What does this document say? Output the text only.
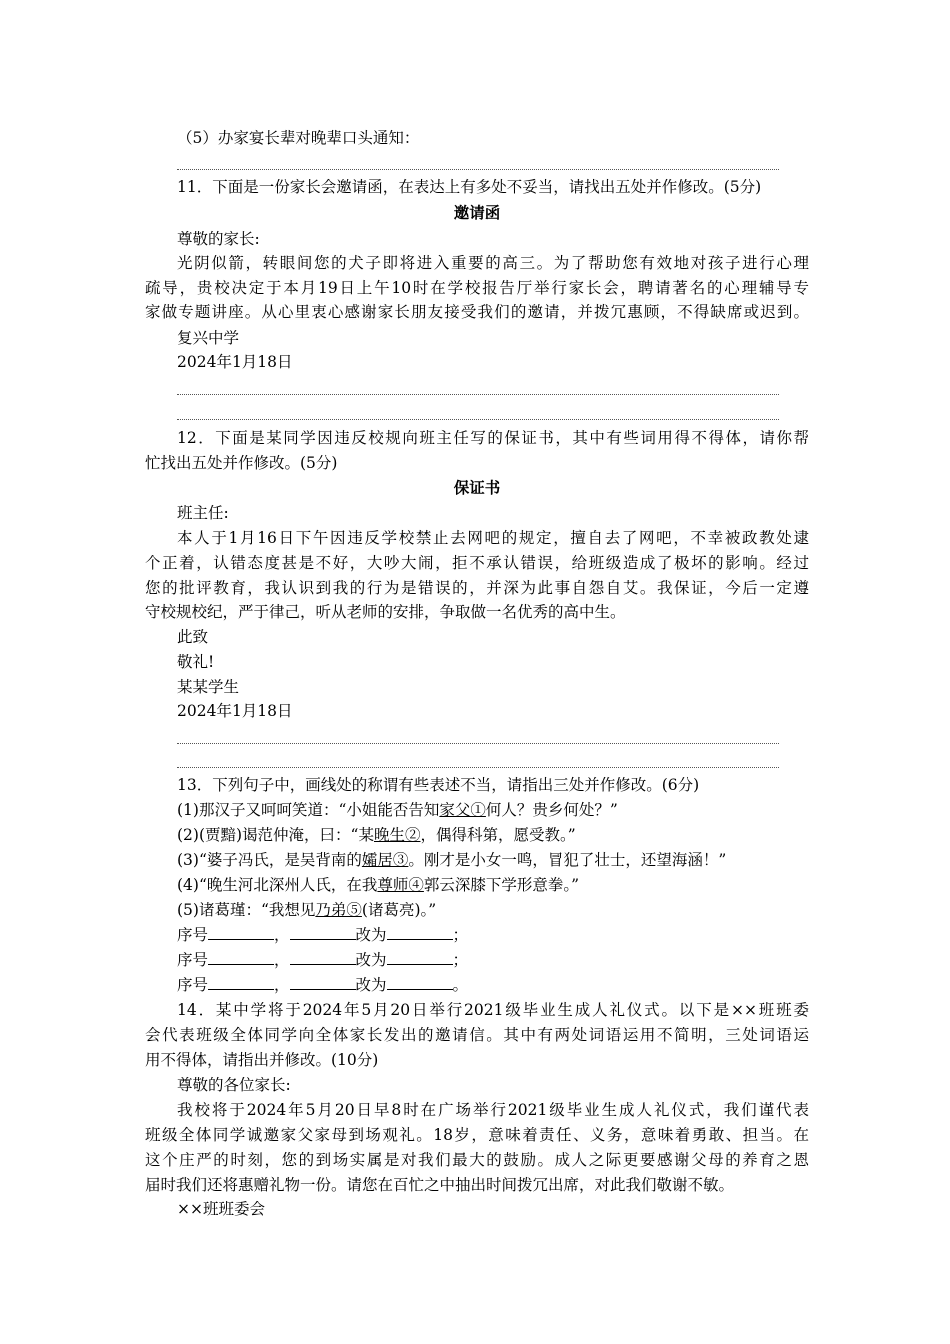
（5）办家宴长辈对晚辈口头通知：
11．下面是一份家长会邀请函，在表达上有多处不妥当，请找出五处并作修改。(5分)
邀请函
尊敬的家长:
光阴似箭，转眼间您的犬子即将进入重要的高三。为了帮助您有效地对孩子进行心理
疏导，贵校决定于本月19日上午10时在学校报告厅举行家长会，聘请著名的心理辅导专
家做专题讲座。从心里衷心感谢家长朋友接受我们的邀请，并拨冗惠顾，不得缺席或迟到。
复兴中学
2024年1月18日
12．下面是某同学因违反校规向班主任写的保证书，其中有些词用得不得体，请你帮
忙找出五处并作修改。(5分)
保证书
班主任:
本人于1月16日下午因违反学校禁止去网吧的规定，擅自去了网吧，不幸被政教处逮
个正着，认错态度甚是不好，大吵大闹，拒不承认错误，给班级造成了极坏的影响。经过
您的批评教育，我认识到我的行为是错误的，并深为此事自怨自艾。我保证，今后一定遵
守校规校纪，严于律己，听从老师的安排，争取做一名优秀的高中生。
此致
敬礼!
某某学生
2024年1月18日
13．下列句子中，画线处的称谓有些表述不当，请指出三处并作修改。(6分)
(1)那汉子又呵呵笑道：“小姐能否告知家父①何人？贵乡何处？”
(2)(贾黯)谒范仲淹，曰：“某晚生②，偶得科第，愿受教。”
(3)“婆子冯氏，是吴背南的孀居③。刚才是小女一鸣，冒犯了壮士，还望海涵！”
(4)“晚生河北深州人氏，在我尊师④郭云深膝下学形意拳。”
(5)诸葛瑾：“我想见乃弟⑤(诸葛亮)。”
序号	，	改为	；
序号	，	改为	；
序号	，	改为	。
14．某中学将于2024年5月20日举行2021级毕业生成人礼仪式。以下是××班班委
会代表班级全体同学向全体家长发出的邀请信。其中有两处词语运用不简明，三处词语运
用不得体，请指出并修改。(10分)
尊敬的各位家长:
我校将于2024年5月20日早8时在广场举行2021级毕业生成人礼仪式，我们谨代表
班级全体同学诚邀家父家母到场观礼。18岁，意味着责任、义务，意味着勇敢、担当。在
这个庄严的时刻，您的到场实属是对我们最大的鼓励。成人之际更要感谢父母的养育之恩
届时我们还将惠赠礼物一份。请您在百忙之中抽出时间拨冗出席，对此我们敬谢不敏。
××班班委会
